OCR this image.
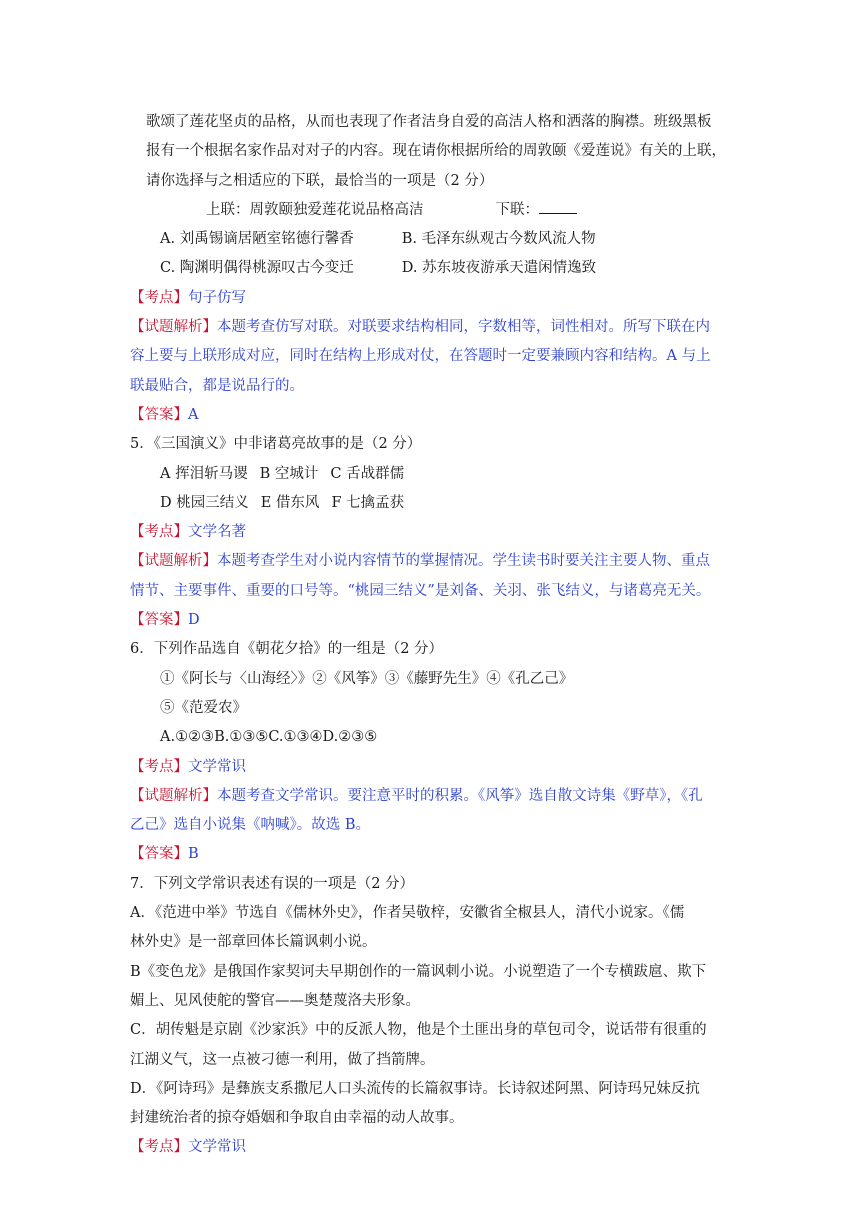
歌颂了莲花坚贞的品格，从而也表现了作者洁身自爱的高洁人格和洒落的胸襟。班级黑板
报有一个根据名家作品对对子的内容。现在请你根据所给的周敦颐《爱莲说》有关的上联，
请你选择与之相适应的下联，最恰当的一项是（2 分）
上联：周敦颐独爱莲花说品格高洁	下联：
A. 刘禹锡谪居陋室铭德行馨香	B. 毛泽东纵观古今数风流人物
C. 陶渊明偶得桃源叹古今变迁	D. 苏东坡夜游承天遣闲情逸致
【考点】句子仿写
【试题解析】本题考查仿写对联。对联要求结构相同，字数相等，词性相对。所写下联在内
容上要与上联形成对应，同时在结构上形成对仗，在答题时一定要兼顾内容和结构。A 与上
联最贴合，都是说品行的。
【答案】A
5．《三国演义》中非诸葛亮故事的是（2 分）
A 挥泪斩马谡 B 空城计 C 舌战群儒
D 桃园三结义 E 借东风 F 七擒孟获
【考点】文学名著
【试题解析】本题考查学生对小说内容情节的掌握情况。学生读书时要关注主要人物、重点
情节、主要事件、重要的口号等。“桃园三结义”是刘备、关羽、张飞结义，与诸葛亮无关。
【答案】D
6．下列作品选自《朝花夕拾》的一组是（2 分）
①《阿长与〈山海经〉》②《风筝》③《藤野先生》④《孔乙己》
⑤《范爱农》
A.①②③B.①③⑤C.①③④D.②③⑤
【考点】文学常识
【试题解析】本题考查文学常识。要注意平时的积累。《风筝》选自散文诗集《野草》，《孔
乙己》选自小说集《呐喊》。故选 B。
【答案】B
7．下列文学常识表述有误的一项是（2 分）
A．《范进中举》节选自《儒林外史》，作者吴敬梓，安徽省全椒县人，清代小说家。《儒
林外史》是一部章回体长篇讽刺小说。
B《变色龙》是俄国作家契诃夫早期创作的一篇讽刺小说。小说塑造了一个专横跋扈、欺下
媚上、见风使舵的警官——奥楚蔑洛夫形象。
C．胡传魁是京剧《沙家浜》中的反派人物，他是个土匪出身的草包司令，说话带有很重的
江湖义气，这一点被刁德一利用，做了挡箭牌。
D．《阿诗玛》是彝族支系撒尼人口头流传的长篇叙事诗。长诗叙述阿黑、阿诗玛兄妹反抗
封建统治者的掠夺婚姻和争取自由幸福的动人故事。
【考点】文学常识
